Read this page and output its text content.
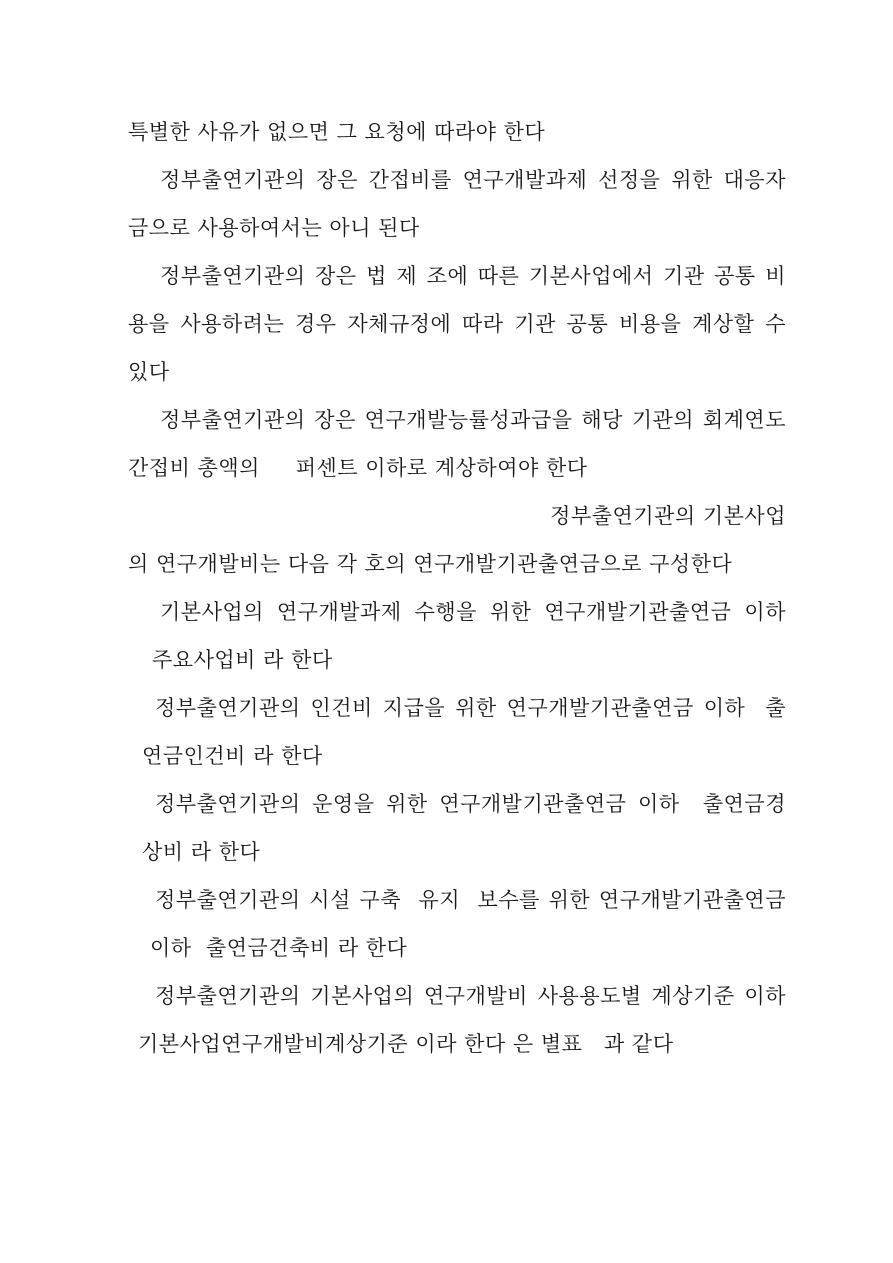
특별한 사유가 없으면 그 요청에 따라야 한다
정부출연기관의 장은 간접비를 연구개발과제 선정을 위한 대응자
금으로 사용하여서는 아니 된다
정부출연기관의 장은 법 제 조에 따른 기본사업에서 기관 공통 비
용을 사용하려는 경우 자체규정에 따라 기관 공통 비용을 계상할 수
있다
정부출연기관의 장은 연구개발능률성과급을 해당 기관의 회계연도
간접비 총액의     퍼센트 이하로 계상하여야 한다
정부출연기관의 기본사업
의 연구개발비는 다음 각 호의 연구개발기관출연금으로 구성한다
기본사업의 연구개발과제 수행을 위한 연구개발기관출연금 이하
주요사업비 라 한다
정부출연기관의 인건비 지급을 위한 연구개발기관출연금 이하  출
연금인건비 라 한다
정부출연기관의 운영을 위한 연구개발기관출연금 이하  출연금경
상비 라 한다
정부출연기관의 시설 구축  유지  보수를 위한 연구개발기관출연금
이하  출연금건축비 라 한다
정부출연기관의 기본사업의 연구개발비 사용용도별 계상기준 이하
기본사업연구개발비계상기준 이라 한다 은 별표   과 같다
